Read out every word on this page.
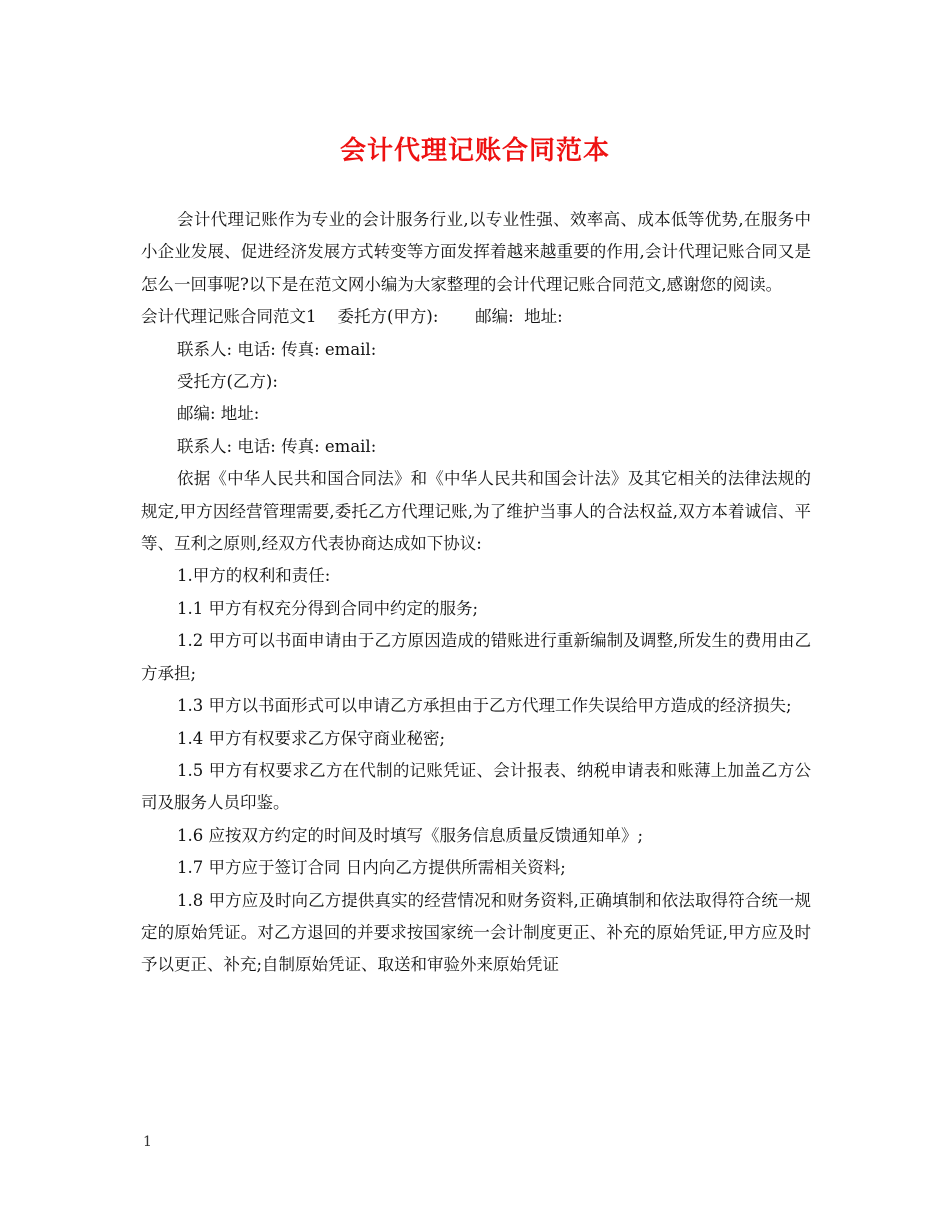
会计代理记账合同范本

会计代理记账作为专业的会计服务行业,以专业性强、效率高、成本低等优势,在服务中小企业发展、促进经济发展方式转变等方面发挥着越来越重要的作用,会计代理记账合同又是怎么一回事呢?以下是在范文网小编为大家整理的会计代理记账合同范文,感谢您的阅读。

会计代理记账合同范文1    委托方(甲方):       邮编:  地址:

联系人: 电话: 传真: email:

受托方(乙方):

邮编: 地址:

联系人: 电话: 传真: email:

依据《中华人民共和国合同法》和《中华人民共和国会计法》及其它相关的法律法规的规定,甲方因经营管理需要,委托乙方代理记账,为了维护当事人的合法权益,双方本着诚信、平等、互利之原则,经双方代表协商达成如下协议:

1.甲方的权利和责任:

1.1 甲方有权充分得到合同中约定的服务;

1.2 甲方可以书面申请由于乙方原因造成的错账进行重新编制及调整,所发生的费用由乙方承担;

1.3 甲方以书面形式可以申请乙方承担由于乙方代理工作失误给甲方造成的经济损失;

1.4 甲方有权要求乙方保守商业秘密;

1.5 甲方有权要求乙方在代制的记账凭证、会计报表、纳税申请表和账薄上加盖乙方公司及服务人员印鉴。

1.6 应按双方约定的时间及时填写《服务信息质量反馈通知单》;

1.7 甲方应于签订合同 日内向乙方提供所需相关资料;

1.8 甲方应及时向乙方提供真实的经营情况和财务资料,正确填制和依法取得符合统一规定的原始凭证。对乙方退回的并要求按国家统一会计制度更正、补充的原始凭证,甲方应及时予以更正、补充;自制原始凭证、取送和审验外来原始凭证

1
